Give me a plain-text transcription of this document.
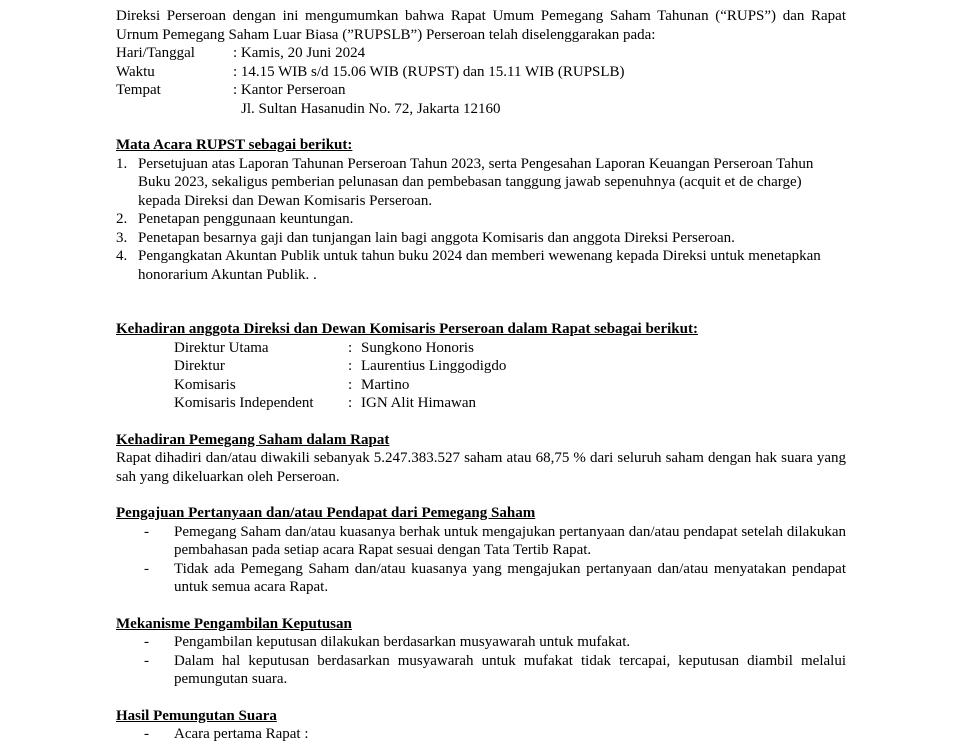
Direksi Perseroan dengan ini mengumumkan bahwa Rapat Umum Pemegang Saham Tahunan (“RUPS”) dan Rapat Urnum Pemegang Saham Luar Biasa (”RUPSLB”) Perseroan telah diselenggarakan pada:

Hari/Tanggal	: Kamis, 20 Juni 2024
Waktu	: 14.15 WIB s/d 15.06 WIB (RUPST) dan 15.11 WIB (RUPSLB)
Tempat	: Kantor Perseroan
Jl. Sultan Hasanudin No. 72, Jakarta 12160

Mata Acara RUPST sebagai berikut:

1. Persetujuan atas Laporan Tahunan Perseroan Tahun 2023, serta Pengesahan Laporan Keuangan Perseroan Tahun Buku 2023, sekaligus pemberian pelunasan dan pembebasan tanggung jawab sepenuhnya (acquit et de charge) kepada Direksi dan Dewan Komisaris Perseroan.
2. Penetapan penggunaan keuntungan.
3. Penetapan besarnya gaji dan tunjangan lain bagi anggota Komisaris dan anggota Direksi Perseroan.
4. Pengangkatan Akuntan Publik untuk tahun buku 2024 dan memberi wewenang kepada Direksi untuk menetapkan honorarium Akuntan Publik. .

Kehadiran anggota Direksi dan Dewan Komisaris Perseroan dalam Rapat sebagai berikut:

Direktur Utama	: Sungkono Honoris
Direktur	: Laurentius Linggodigdo
Komisaris	: Martino
Komisaris Independent	: IGN Alit Himawan

Kehadiran Pemegang Saham dalam Rapat

Rapat dihadiri dan/atau diwakili sebanyak 5.247.383.527 saham atau 68,75 % dari seluruh saham dengan hak suara yang sah yang dikeluarkan oleh Perseroan.

Pengajuan Pertanyaan dan/atau Pendapat dari Pemegang Saham

-	Pemegang Saham dan/atau kuasanya berhak untuk mengajukan pertanyaan dan/atau pendapat setelah dilakukan pembahasan pada setiap acara Rapat sesuai dengan Tata Tertib Rapat.
-	Tidak ada Pemegang Saham dan/atau kuasanya yang mengajukan pertanyaan dan/atau menyatakan pendapat untuk semua acara Rapat.

Mekanisme Pengambilan Keputusan

-	Pengambilan keputusan dilakukan berdasarkan musyawarah untuk mufakat.
-	Dalam hal keputusan berdasarkan musyawarah untuk mufakat tidak tercapai, keputusan diambil melalui pemungutan suara.

Hasil Pemungutan Suara

-	Acara pertama Rapat :
